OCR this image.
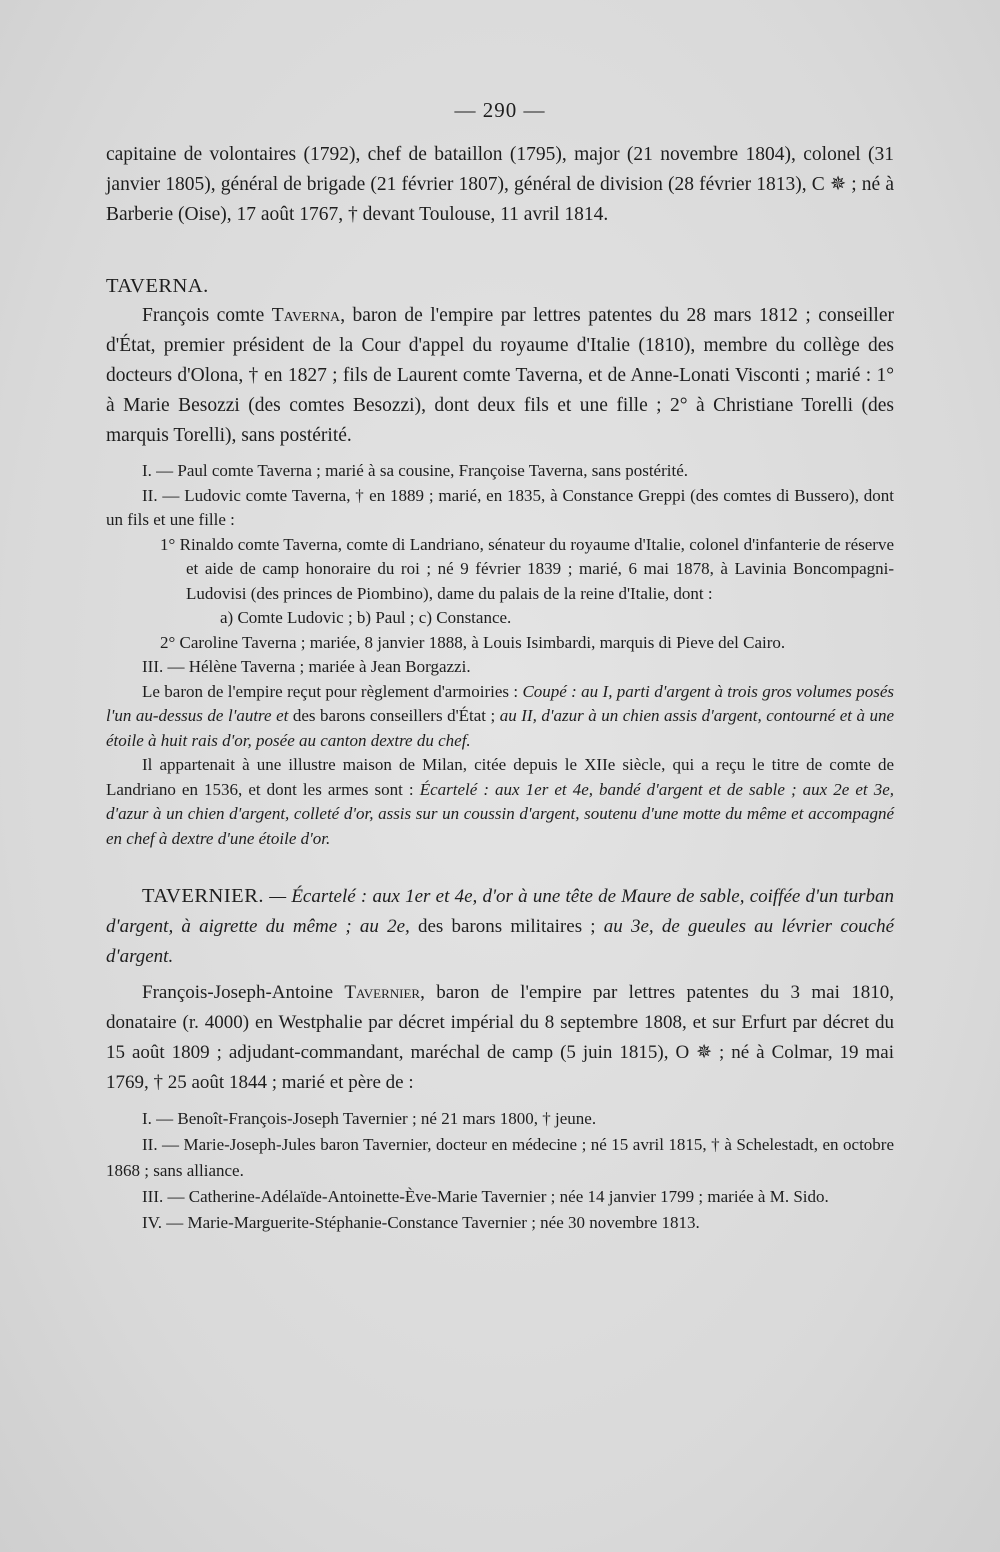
— 290 —

capitaine de volontaires (1792), chef de bataillon (1795), major (21 novembre 1804), colonel (31 janvier 1805), général de brigade (21 février 1807), général de division (28 février 1813), C ✵ ; né à Barberie (Oise), 17 août 1767, † devant Toulouse, 11 avril 1814.

TAVERNA.

François comte Taverna, baron de l'empire par lettres patentes du 28 mars 1812 ; conseiller d'État, premier président de la Cour d'appel du royaume d'Italie (1810), membre du collège des docteurs d'Olona, † en 1827 ; fils de Laurent comte Taverna, et de Anne-Lonati Visconti ; marié : 1° à Marie Besozzi (des comtes Besozzi), dont deux fils et une fille ; 2° à Christiane Torelli (des marquis Torelli), sans postérité.

I. — Paul comte Taverna ; marié à sa cousine, Françoise Taverna, sans postérité.

II. — Ludovic comte Taverna, † en 1889 ; marié, en 1835, à Constance Greppi (des comtes di Bussero), dont un fils et une fille :

1° Rinaldo comte Taverna, comte di Landriano, sénateur du royaume d'Italie, colonel d'infanterie de réserve et aide de camp honoraire du roi ; né 9 février 1839 ; marié, 6 mai 1878, à Lavinia Boncompagni-Ludovisi (des princes de Piombino), dame du palais de la reine d'Italie, dont :

a) Comte Ludovic ; b) Paul ; c) Constance.

2° Caroline Taverna ; mariée, 8 janvier 1888, à Louis Isimbardi, marquis di Pieve del Cairo.

III. — Hélène Taverna ; mariée à Jean Borgazzi.

Le baron de l'empire reçut pour règlement d'armoiries : Coupé : au I, parti d'argent à trois gros volumes posés l'un au-dessus de l'autre et des barons conseillers d'État ; au II, d'azur à un chien assis d'argent, contourné et à une étoile à huit rais d'or, posée au canton dextre du chef.

Il appartenait à une illustre maison de Milan, citée depuis le XIIe siècle, qui a reçu le titre de comte de Landriano en 1536, et dont les armes sont : Écartelé : aux 1er et 4e, bandé d'argent et de sable ; aux 2e et 3e, d'azur à un chien d'argent, colleté d'or, assis sur un coussin d'argent, soutenu d'une motte du même et accompagné en chef à dextre d'une étoile d'or.

TAVERNIER. — Écartelé : aux 1er et 4e, d'or à une tête de Maure de sable, coiffée d'un turban d'argent, à aigrette du même ; au 2e, des barons militaires ; au 3e, de gueules au lévrier couché d'argent.

François-Joseph-Antoine Tavernier, baron de l'empire par lettres patentes du 3 mai 1810, donataire (r. 4000) en Westphalie par décret impérial du 8 septembre 1808, et sur Erfurt par décret du 15 août 1809 ; adjudant-commandant, maréchal de camp (5 juin 1815), O ✵ ; né à Colmar, 19 mai 1769, † 25 août 1844 ; marié et père de :

I. — Benoît-François-Joseph Tavernier ; né 21 mars 1800, † jeune.

II. — Marie-Joseph-Jules baron Tavernier, docteur en médecine ; né 15 avril 1815, † à Schelestadt, en octobre 1868 ; sans alliance.

III. — Catherine-Adélaïde-Antoinette-Ève-Marie Tavernier ; née 14 janvier 1799 ; mariée à M. Sido.

IV. — Marie-Marguerite-Stéphanie-Constance Tavernier ; née 30 novembre 1813.
